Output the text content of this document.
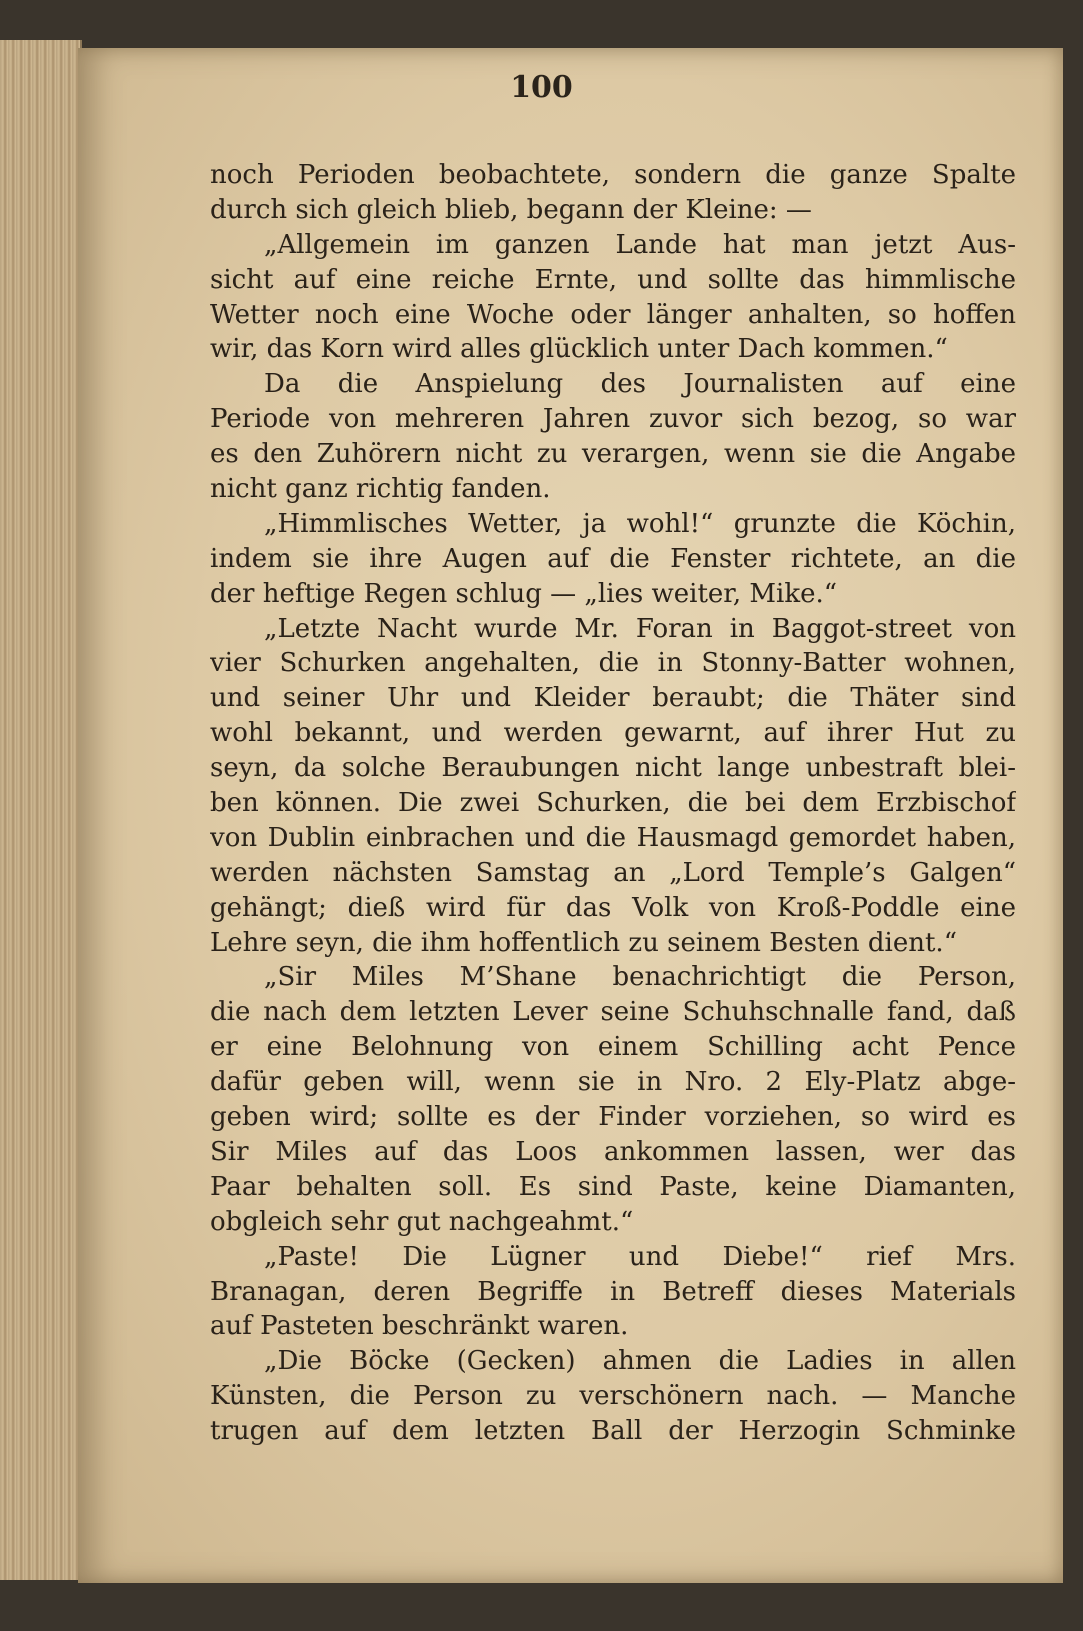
100
noch Perioden beobachtete, sondern die ganze Spalte
durch sich gleich blieb, begann der Kleine: —
„Allgemein im ganzen Lande hat man jetzt Aus-
sicht auf eine reiche Ernte, und sollte das himmlische
Wetter noch eine Woche oder länger anhalten, so hoffen
wir, das Korn wird alles glücklich unter Dach kommen.“
Da die Anspielung des Journalisten auf eine
Periode von mehreren Jahren zuvor sich bezog, so war
es den Zuhörern nicht zu verargen, wenn sie die Angabe
nicht ganz richtig fanden.
„Himmlisches Wetter, ja wohl!“ grunzte die Köchin,
indem sie ihre Augen auf die Fenster richtete, an die
der heftige Regen schlug — „lies weiter, Mike.“
„Letzte Nacht wurde Mr. Foran in Baggot-street von
vier Schurken angehalten, die in Stonny-Batter wohnen,
und seiner Uhr und Kleider beraubt; die Thäter sind
wohl bekannt, und werden gewarnt, auf ihrer Hut zu
seyn, da solche Beraubungen nicht lange unbestraft blei-
ben können. Die zwei Schurken, die bei dem Erzbischof
von Dublin einbrachen und die Hausmagd gemordet haben,
werden nächsten Samstag an „Lord Temple’s Galgen“
gehängt; dieß wird für das Volk von Kroß-Poddle eine
Lehre seyn, die ihm hoffentlich zu seinem Besten dient.“
„Sir Miles M’Shane benachrichtigt die Person,
die nach dem letzten Lever seine Schuhschnalle fand, daß
er eine Belohnung von einem Schilling acht Pence
dafür geben will, wenn sie in Nro. 2 Ely-Platz abge-
geben wird; sollte es der Finder vorziehen, so wird es
Sir Miles auf das Loos ankommen lassen, wer das
Paar behalten soll. Es sind Paste, keine Diamanten,
obgleich sehr gut nachgeahmt.“
„Paste! Die Lügner und Diebe!“ rief Mrs.
Branagan, deren Begriffe in Betreff dieses Materials
auf Pasteten beschränkt waren.
„Die Böcke (Gecken) ahmen die Ladies in allen
Künsten, die Person zu verschönern nach. — Manche
trugen auf dem letzten Ball der Herzogin Schminke
